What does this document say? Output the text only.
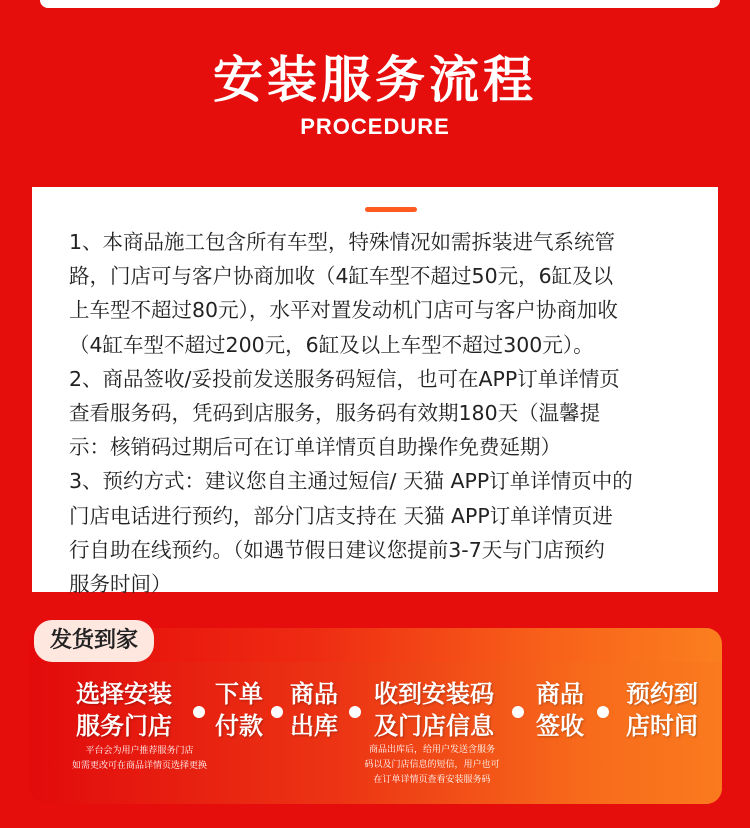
安装服务流程
PROCEDURE
1、本商品施工包含所有车型，特殊情况如需拆装进气系统管
路，门店可与客户协商加收（4缸车型不超过50元，6缸及以
上车型不超过80元），水平对置发动机门店可与客户协商加收
（4缸车型不超过200元，6缸及以上车型不超过300元）。
2、商品签收/妥投前发送服务码短信，也可在APP订单详情页
查看服务码，凭码到店服务，服务码有效期180天（温馨提
示：核销码过期后可在订单详情页自助操作免费延期）
3、预约方式：建议您自主通过短信/ 天猫 APP订单详情页中的
门店电话进行预约，部分门店支持在 天猫 APP订单详情页进
行自助在线预约。（如遇节假日建议您提前3-7天与门店预约
服务时间）
发货到家
选择安装
服务门店
下单
付款
商品
出库
收到安装码
及门店信息
商品
签收
预约到
店时间
平台会为用户推荐服务门店
如需更改可在商品详情页选择更换
商品出库后，给用户发送含服务
码以及门店信息的短信，用户也可
在订单详情页查看安装服务码
